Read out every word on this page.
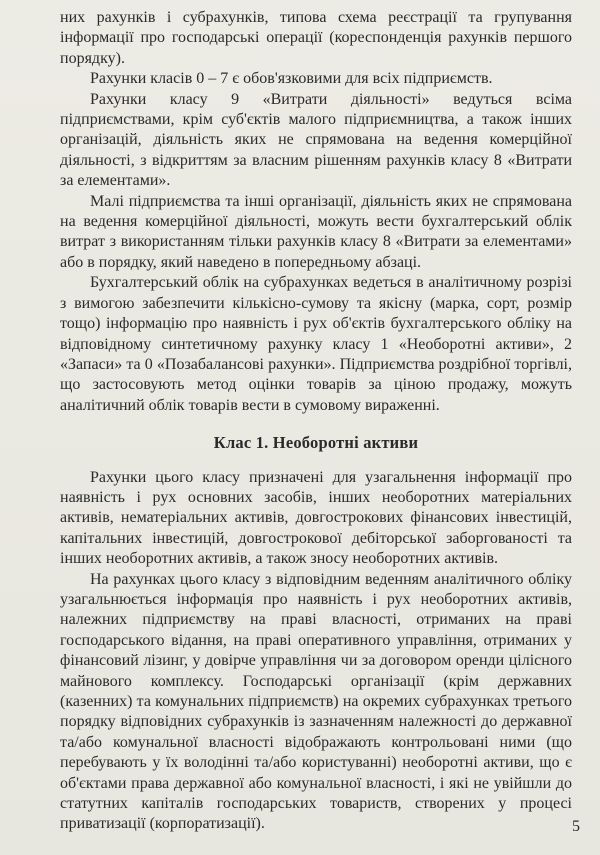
них рахунків і субрахунків, типова схема реєстрації та групування інформації про господарські операції (кореспонденція рахунків першого порядку).

Рахунки класів 0 – 7 є обов'язковими для всіх підприємств.

Рахунки класу 9 «Витрати діяльності» ведуться всіма підприємствами, крім суб'єктів малого підприємництва, а також інших організацій, діяльність яких не спрямована на ведення комерційної діяльності, з відкриттям за власним рішенням рахунків класу 8 «Витрати за елементами».

Малі підприємства та інші організації, діяльність яких не спрямована на ведення комерційної діяльності, можуть вести бухгалтерський облік витрат з використанням тільки рахунків класу 8 «Витрати за елементами» або в порядку, який наведено в попередньому абзаці.

Бухгалтерський облік на субрахунках ведеться в аналітичному розрізі з вимогою забезпечити кількісно-сумову та якісну (марка, сорт, розмір тощо) інформацію про наявність і рух об'єктів бухгалтерського обліку на відповідному синтетичному рахунку класу 1 «Необоротні активи», 2 «Запаси» та 0 «Позабалансові рахунки». Підприємства роздрібної торгівлі, що застосовують метод оцінки товарів за ціною продажу, можуть аналітичний облік товарів вести в сумовому вираженні.

Клас 1. Необоротні активи

Рахунки цього класу призначені для узагальнення інформації про наявність і рух основних засобів, інших необоротних матеріальних активів, нематеріальних активів, довгострокових фінансових інвестицій, капітальних інвестицій, довгострокової дебіторської заборгованості та інших необоротних активів, а також зносу необоротних активів.

На рахунках цього класу з відповідним веденням аналітичного обліку узагальнюється інформація про наявність і рух необоротних активів, належних підприємству на праві власності, отриманих на праві господарського відання, на праві оперативного управління, отриманих у фінансовий лізинг, у довірче управління чи за договором оренди цілісного майнового комплексу. Господарські організації (крім державних (казенних) та комунальних підприємств) на окремих субрахунках третього порядку відповідних субрахунків із зазначенням належності до державної та/або комунальної власності відображають контрольовані ними (що перебувають у їх володінні та/або користуванні) необоротні активи, що є об'єктами права державної або комунальної власності, і які не увійшли до статутних капіталів господарських товариств, створених у процесі приватизації (корпоратизації).	5
